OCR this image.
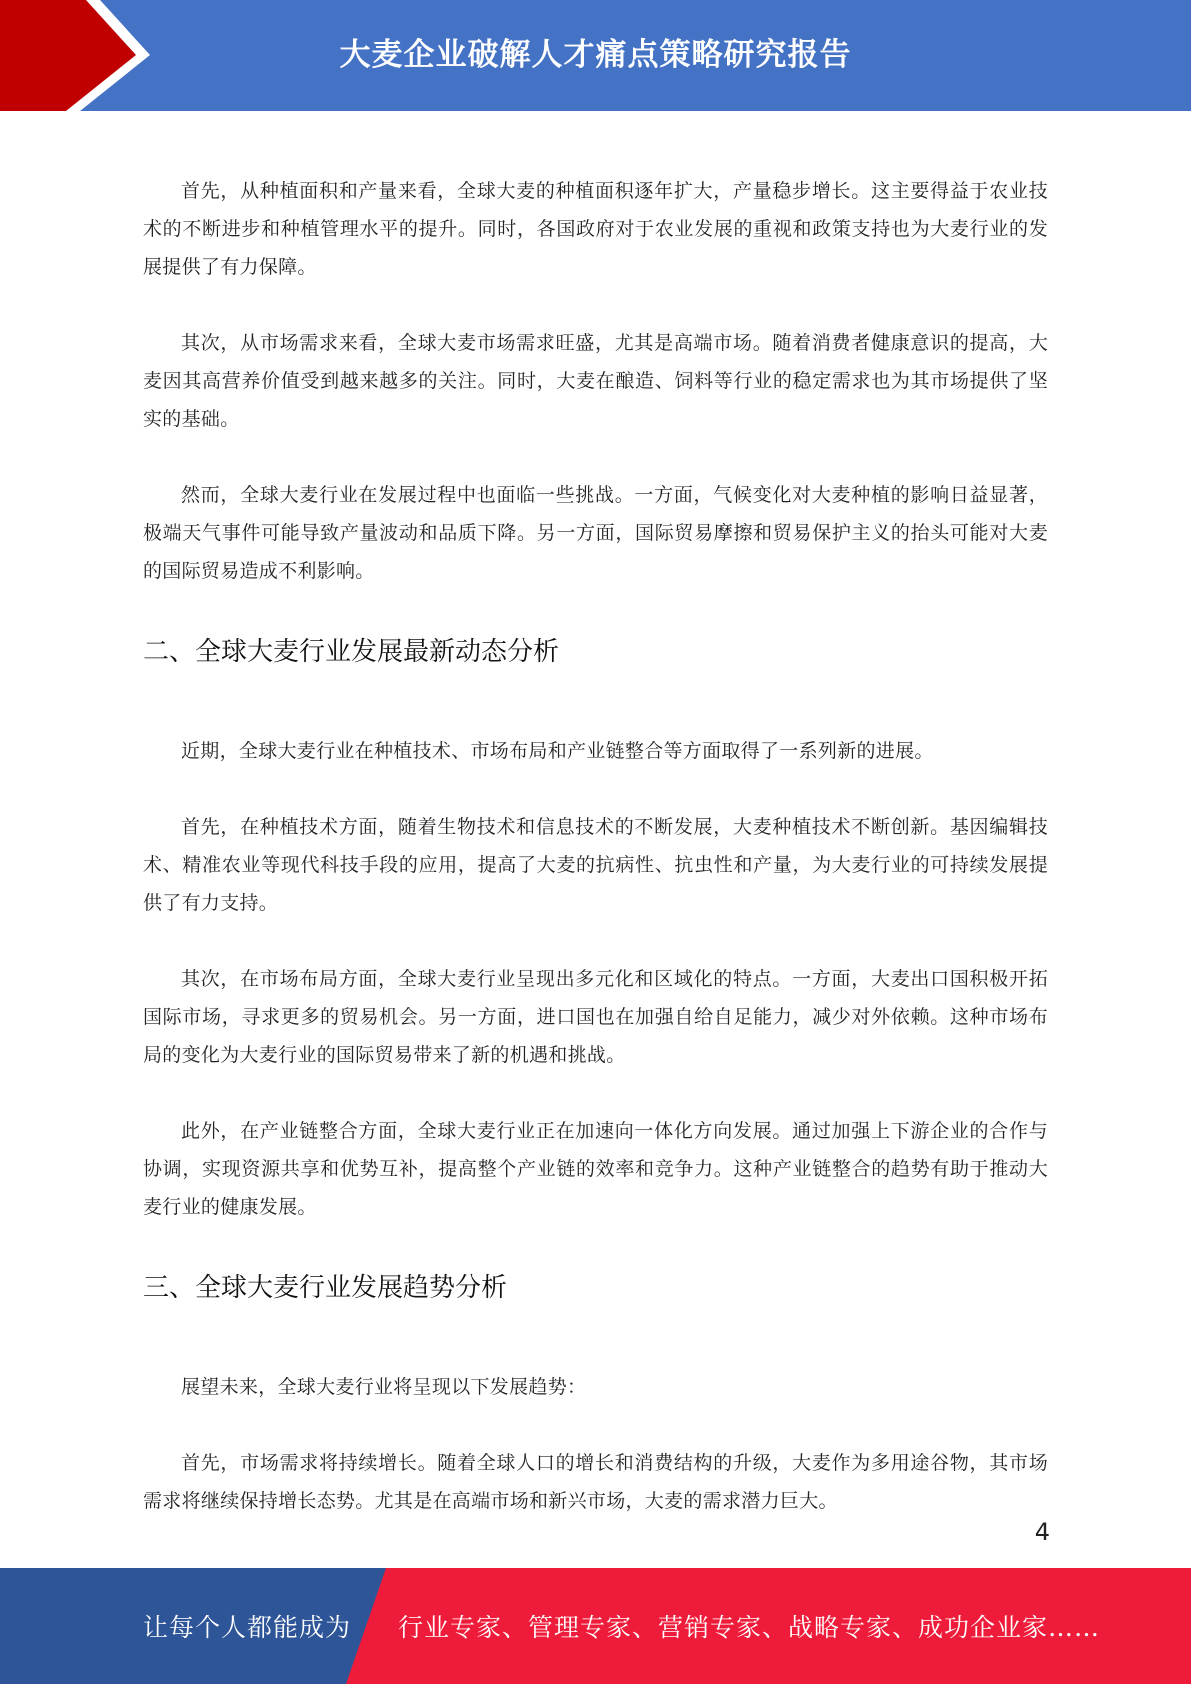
大麦企业破解人才痛点策略研究报告

首先，从种植面积和产量来看，全球大麦的种植面积逐年扩大，产量稳步增长。这主要得益于农业技术的不断进步和种植管理水平的提升。同时，各国政府对于农业发展的重视和政策支持也为大麦行业的发展提供了有力保障。

其次，从市场需求来看，全球大麦市场需求旺盛，尤其是高端市场。随着消费者健康意识的提高，大麦因其高营养价值受到越来越多的关注。同时，大麦在酿造、饲料等行业的稳定需求也为其市场提供了坚实的基础。

然而，全球大麦行业在发展过程中也面临一些挑战。一方面，气候变化对大麦种植的影响日益显著，极端天气事件可能导致产量波动和品质下降。另一方面，国际贸易摩擦和贸易保护主义的抬头可能对大麦的国际贸易造成不利影响。

二、全球大麦行业发展最新动态分析

近期，全球大麦行业在种植技术、市场布局和产业链整合等方面取得了一系列新的进展。

首先，在种植技术方面，随着生物技术和信息技术的不断发展，大麦种植技术不断创新。基因编辑技术、精准农业等现代科技手段的应用，提高了大麦的抗病性、抗虫性和产量，为大麦行业的可持续发展提供了有力支持。

其次，在市场布局方面，全球大麦行业呈现出多元化和区域化的特点。一方面，大麦出口国积极开拓国际市场，寻求更多的贸易机会。另一方面，进口国也在加强自给自足能力，减少对外依赖。这种市场布局的变化为大麦行业的国际贸易带来了新的机遇和挑战。

此外，在产业链整合方面，全球大麦行业正在加速向一体化方向发展。通过加强上下游企业的合作与协调，实现资源共享和优势互补，提高整个产业链的效率和竞争力。这种产业链整合的趋势有助于推动大麦行业的健康发展。

三、全球大麦行业发展趋势分析

展望未来，全球大麦行业将呈现以下发展趋势：

首先，市场需求将持续增长。随着全球人口的增长和消费结构的升级，大麦作为多用途谷物，其市场需求将继续保持增长态势。尤其是在高端市场和新兴市场，大麦的需求潜力巨大。

4
让每个人都能成为 行业专家、管理专家、营销专家、战略专家、成功企业家……
